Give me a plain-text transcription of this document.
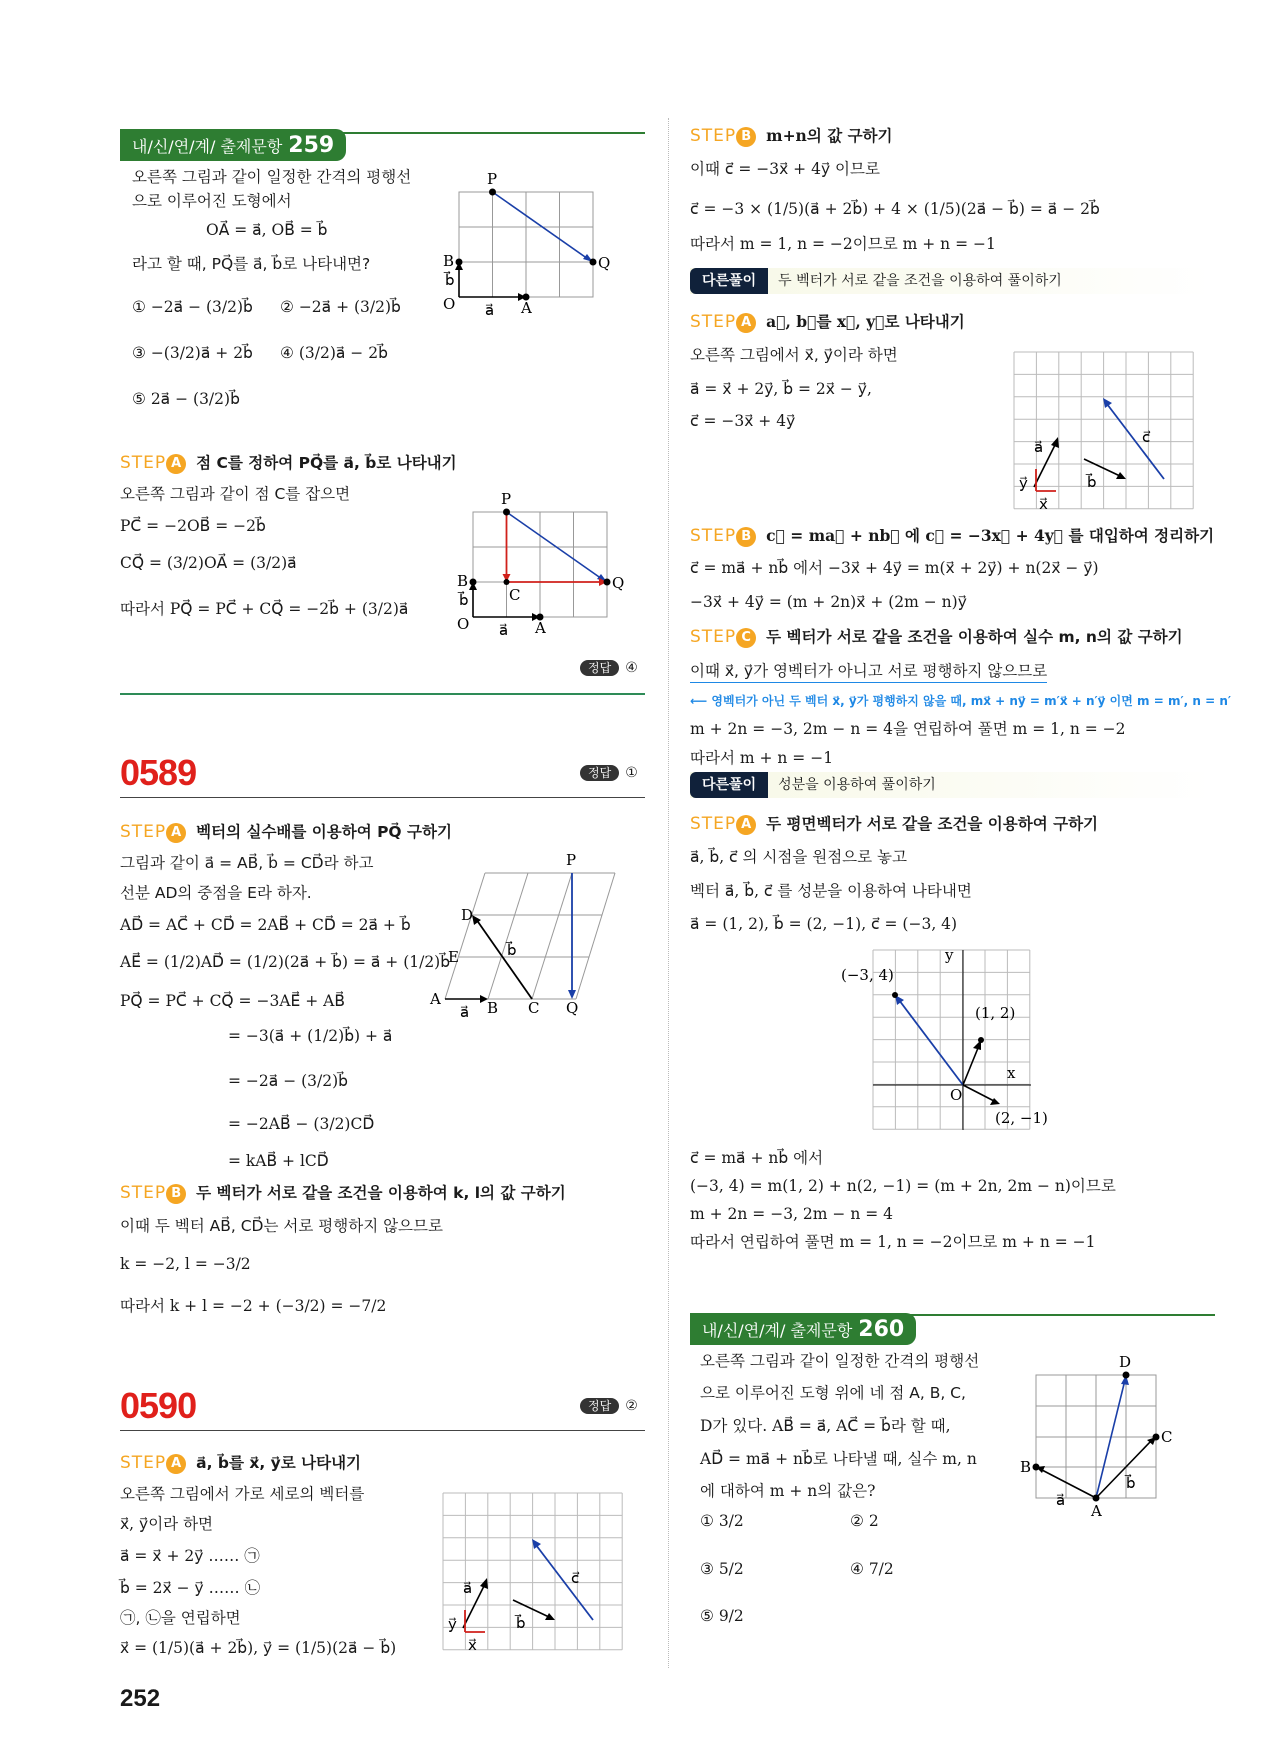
내/신/연/계/ 출제문항 259
오른쪽 그림과 같이 일정한 간격의 평행선
으로 이루어진 도형에서
OA⃗ = a⃗, OB⃗ = b⃗
라고 할 때, PQ⃗를 a⃗, b⃗로 나타내면?
① −2a⃗ − (3/2)b⃗ ② −2a⃗ + (3/2)b⃗
③ −(3/2)a⃗ + 2b⃗ ④ (3/2)a⃗ − 2b⃗
⑤ 2a⃗ − (3/2)b⃗
P
Q
B
b⃗
O a⃗ A
STEP A 점 C를 정하여 PQ⃗를 a⃗, b⃗로 나타내기
오른쪽 그림과 같이 점 C를 잡으면
PC⃗ = −2OB⃗ = −2b⃗
CQ⃗ = (3/2)OA⃗ = (3/2)a⃗
따라서 PQ⃗ = PC⃗ + CQ⃗ = −2b⃗ + (3/2)a⃗
P
Q
C
B
b⃗
O a⃗ A
정답 ④
0589	정답 ①
STEP A 벡터의 실수배를 이용하여 PQ⃗ 구하기
그림과 같이 a⃗ = AB⃗, b⃗ = CD⃗라 하고
선분 AD의 중점을 E라 하자.
AD⃗ = AC⃗ + CD⃗ = 2AB⃗ + CD⃗ = 2a⃗ + b⃗
AE⃗ = (1/2)AD⃗ = (1/2)(2a⃗ + b⃗) = a⃗ + (1/2)b⃗
PQ⃗ = PC⃗ + CQ⃗ = −3AE⃗ + AB⃗
= −3(a⃗ + (1/2)b⃗) + a⃗
= −2a⃗ − (3/2)b⃗
= −2AB⃗ − (3/2)CD⃗
= kAB⃗ + lCD⃗
STEP B 두 벡터가 서로 같을 조건을 이용하여 k, l의 값 구하기
이때 두 벡터 AB⃗, CD⃗는 서로 평행하지 않으므로
k = −2, l = −3/2
따라서 k + l = −2 + (−3/2) = −7/2
P
D
E
A	B C Q
a⃗
b⃗
0590	정답 ②
STEP A a⃗, b⃗를 x⃗, y⃗로 나타내기
오른쪽 그림에서 가로 세로의 벡터를
x⃗, y⃗이라 하면
a⃗ = x⃗ + 2y⃗ …… ㉠
b⃗ = 2x⃗ − y⃗ …… ㉡
㉠, ㉡을 연립하면
x⃗ = (1/5)(a⃗ + 2b⃗), y⃗ = (1/5)(2a⃗ − b⃗)
a⃗
c⃗
b⃗
y⃗
x⃗
252
STEP B m+n의 값 구하기
이때 c⃗ = −3x⃗ + 4y⃗ 이므로
c⃗ = −3 × (1/5)(a⃗ + 2b⃗) + 4 × (1/5)(2a⃗ − b⃗) = a⃗ − 2b⃗
따라서 m = 1, n = −2이므로 m + n = −1
다른풀이 두 벡터가 서로 같을 조건을 이용하여 풀이하기
STEP A a⃗, b⃗를 x⃗, y⃗로 나타내기
오른쪽 그림에서 x⃗, y⃗이라 하면
a⃗ = x⃗ + 2y⃗, b⃗ = 2x⃗ − y⃗,
c⃗ = −3x⃗ + 4y⃗
a⃗
c⃗
b⃗
y⃗
x⃗
STEP B c⃗ = ma⃗ + nb⃗ 에 c⃗ = −3x⃗ + 4y⃗ 를 대입하여 정리하기
c⃗ = ma⃗ + nb⃗ 에서 −3x⃗ + 4y⃗ = m(x⃗ + 2y⃗) + n(2x⃗ − y⃗)
−3x⃗ + 4y⃗ = (m + 2n)x⃗ + (2m − n)y⃗
STEP C 두 벡터가 서로 같을 조건을 이용하여 실수 m, n의 값 구하기
이때 x⃗, y⃗가 영벡터가 아니고 서로 평행하지 않으므로
⟵ 영벡터가 아닌 두 벡터 x⃗, y⃗가 평행하지 않을 때, mx⃗ + ny⃗ = m′x⃗ + n′y⃗ 이면 m = m′, n = n′
m + 2n = −3, 2m − n = 4을 연립하여 풀면 m = 1, n = −2
따라서 m + n = −1
다른풀이 성분을 이용하여 풀이하기
STEP A 두 평면벡터가 서로 같을 조건을 이용하여 구하기
a⃗, b⃗, c⃗ 의 시점을 원점으로 놓고
벡터 a⃗, b⃗, c⃗ 를 성분을 이용하여 나타내면
a⃗ = (1, 2), b⃗ = (2, −1), c⃗ = (−3, 4)
(−3, 4)
(1, 2)
(2, −1)
O
y
x
c⃗ = ma⃗ + nb⃗ 에서
(−3, 4) = m(1, 2) + n(2, −1) = (m + 2n, 2m − n)이므로
m + 2n = −3, 2m − n = 4
따라서 연립하여 풀면 m = 1, n = −2이므로 m + n = −1
내/신/연/계/ 출제문항 260
오른쪽 그림과 같이 일정한 간격의 평행선
으로 이루어진 도형 위에 네 점 A, B, C,
D가 있다. AB⃗ = a⃗, AC⃗ = b⃗라 할 때,
AD⃗ = ma⃗ + nb⃗로 나타낼 때, 실수 m, n
에 대하여 m + n의 값은?
① 3/2	② 2
③ 5/2	④ 7/2
⑤ 9/2
D
C
B
A
a⃗
b⃗
